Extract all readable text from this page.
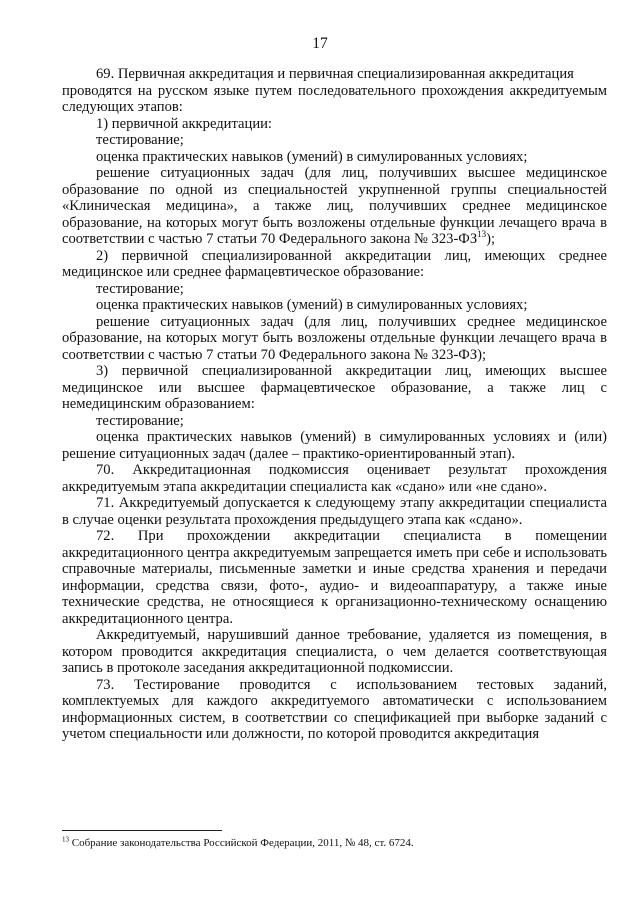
17

69. Первичная аккредитация и первичная специализированная аккредитация

проводятся на русском языке путем последовательного прохождения аккредитуемым следующих этапов:

1) первичной аккредитации:

тестирование;

оценка практических навыков (умений) в симулированных условиях;

решение ситуационных задач (для лиц, получивших высшее медицинское образование по одной из специальностей укрупненной группы специальностей «Клиническая медицина», а также лиц, получивших среднее медицинское образование, на которых могут быть возложены отдельные функции лечащего врача в соответствии с частью 7 статьи 70 Федерального закона № 323-ФЗ$^{13}$);

2) первичной специализированной аккредитации лиц, имеющих среднее медицинское или среднее фармацевтическое образование:

тестирование;

оценка практических навыков (умений) в симулированных условиях;

решение ситуационных задач (для лиц, получивших среднее медицинское образование, на которых могут быть возложены отдельные функции лечащего врача в соответствии с частью 7 статьи 70 Федерального закона № 323-ФЗ);

3) первичной специализированной аккредитации лиц, имеющих высшее медицинское или высшее фармацевтическое образование, а также лиц с немедицинским образованием:

тестирование;

оценка практических навыков (умений) в симулированных условиях и (или) решение ситуационных задач (далее – практико-ориентированный этап).

70. Аккредитационная подкомиссия оценивает результат прохождения аккредитуемым этапа аккредитации специалиста как «сдано» или «не сдано».

71. Аккредитуемый допускается к следующему этапу аккредитации специалиста в случае оценки результата прохождения предыдущего этапа как «сдано».

72. При прохождении аккредитации специалиста в помещении аккредитационного центра аккредитуемым запрещается иметь при себе и использовать справочные материалы, письменные заметки и иные средства хранения и передачи информации, средства связи, фото-, аудио- и видеоаппаратуру, а также иные технические средства, не относящиеся к организационно-техническому оснащению аккредитационного центра.

Аккредитуемый, нарушивший данное требование, удаляется из помещения, в котором проводится аккредитация специалиста, о чем делается соответствующая запись в протоколе заседания аккредитационной подкомиссии.

73. Тестирование проводится с использованием тестовых заданий, комплектуемых для каждого аккредитуемого автоматически с использованием информационных систем, в соответствии со спецификацией при выборке заданий с учетом специальности или должности, по которой проводится аккредитация

$^{13}$ Собрание законодательства Российской Федерации, 2011, № 48, ст. 6724.
